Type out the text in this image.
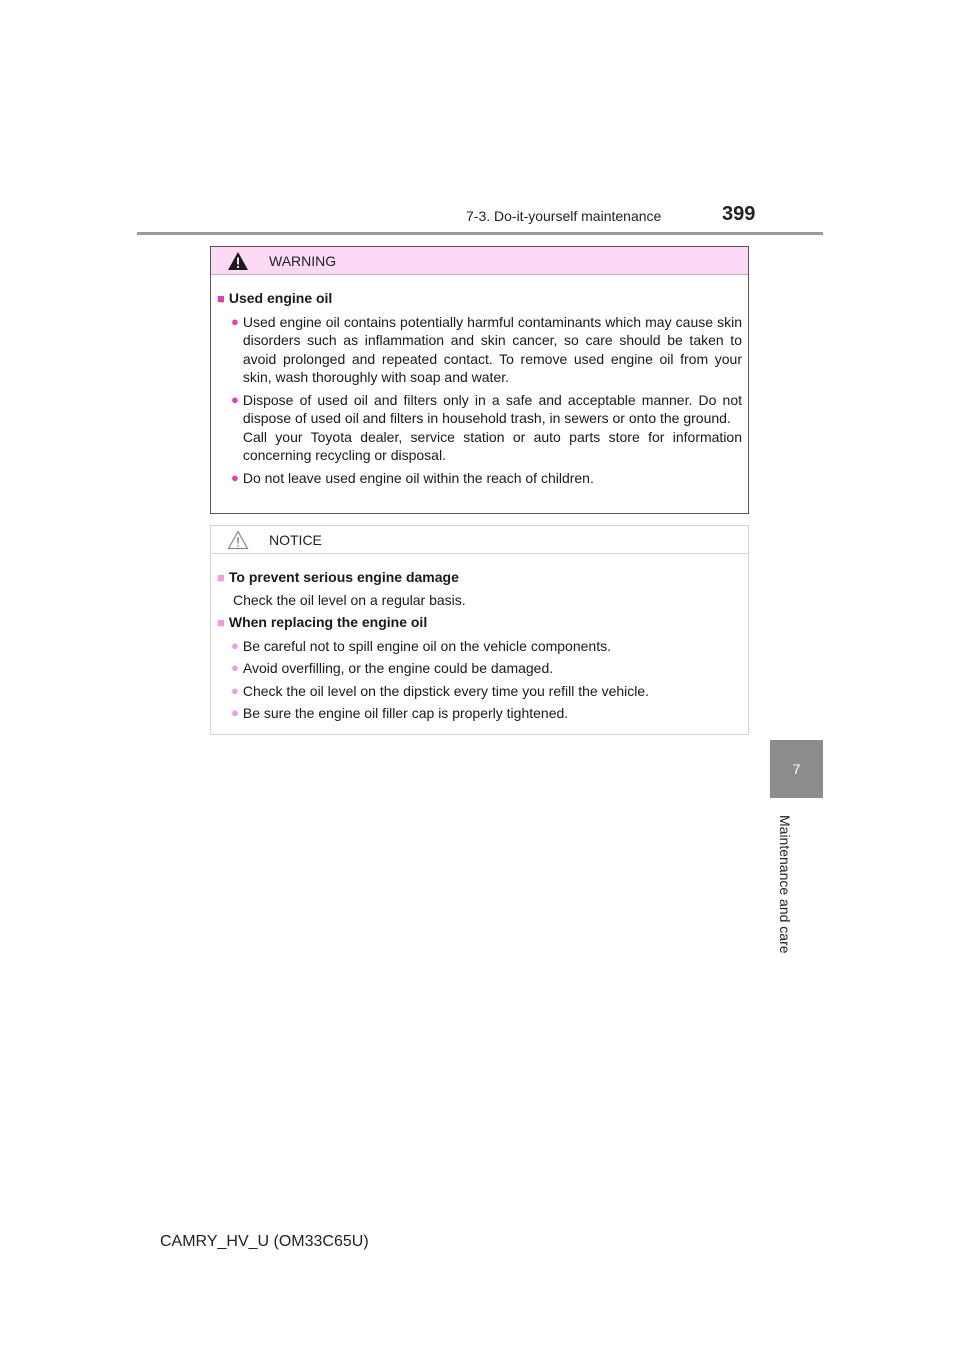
7-3. Do-it-yourself maintenance	399
7
Maintenance and care
WARNING
■ Used engine oil
● Used engine oil contains potentially harmful contaminants which may cause skin disorders such as inflammation and skin cancer, so care should be taken to avoid prolonged and repeated contact. To remove used engine oil from your skin, wash thoroughly with soap and water.
● Dispose of used oil and filters only in a safe and acceptable manner. Do not dispose of used oil and filters in household trash, in sewers or onto the ground.
Call your Toyota dealer, service station or auto parts store for information concerning recycling or disposal.
● Do not leave used engine oil within the reach of children.
NOTICE
■ To prevent serious engine damage
Check the oil level on a regular basis.
■ When replacing the engine oil
● Be careful not to spill engine oil on the vehicle components.
● Avoid overfilling, or the engine could be damaged.
● Check the oil level on the dipstick every time you refill the vehicle.
● Be sure the engine oil filler cap is properly tightened.
CAMRY_HV_U (OM33C65U)
